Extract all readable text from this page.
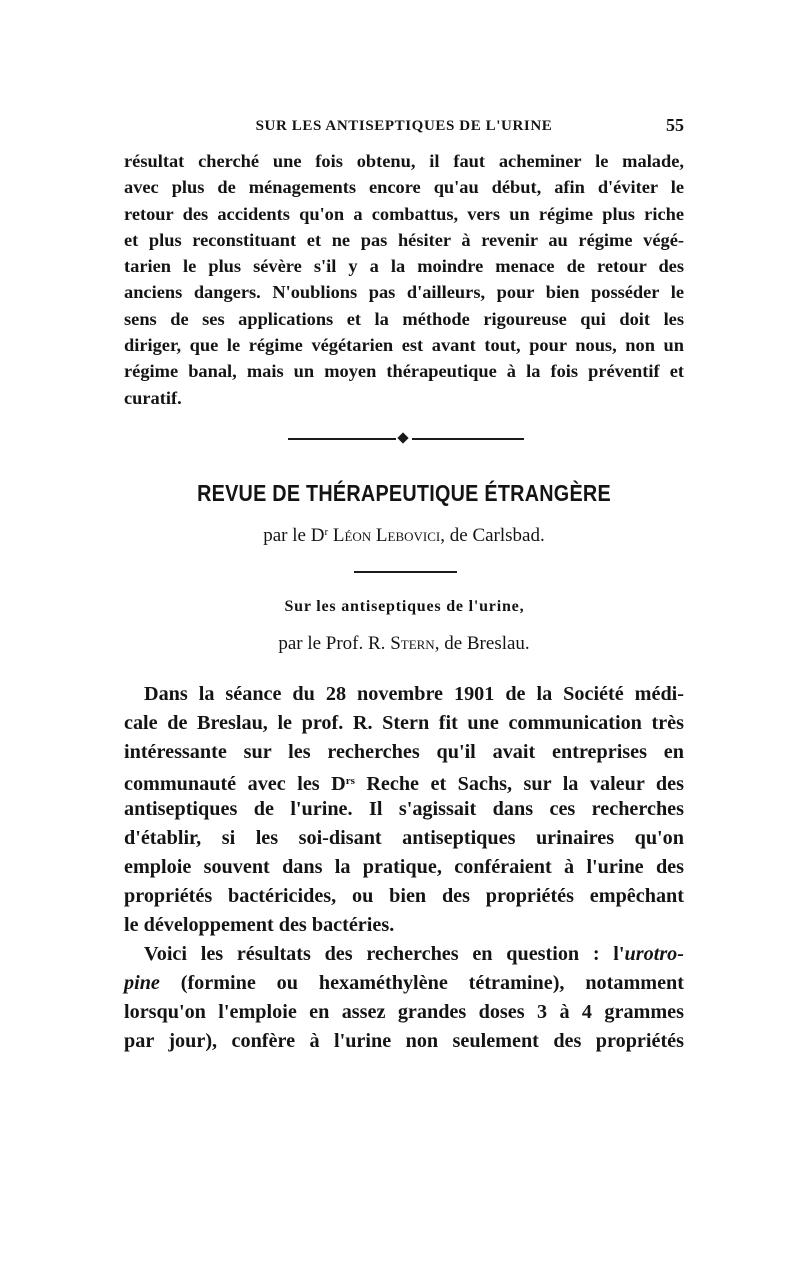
SUR LES ANTISEPTIQUES DE L'URINE	55
résultat cherché une fois obtenu, il faut acheminer le malade,
avec plus de ménagements encore qu'au début, afin d'éviter le
retour des accidents qu'on a combattus, vers un régime plus riche
et plus reconstituant et ne pas hésiter à revenir au régime végé-
tarien le plus sévère s'il y a la moindre menace de retour des
anciens dangers. N'oublions pas d'ailleurs, pour bien posséder le
sens de ses applications et la méthode rigoureuse qui doit les
diriger, que le régime végétarien est avant tout, pour nous, non un
régime banal, mais un moyen thérapeutique à la fois préventif et
curatif.
REVUE DE THÉRAPEUTIQUE ÉTRANGÈRE
par le $D^r$ Léon Lebovici, de Carlsbad.
Sur les antiseptiques de l'urine,
par le Prof. R. Stern, de Breslau.
Dans la séance du 28 novembre 1901 de la Société médi-
cale de Breslau, le prof. R. Stern fit une communication très
intéressante sur les recherches qu'il avait entreprises en
communauté avec les $D^{rs}$ Reche et Sachs, sur la valeur des
antiseptiques de l'urine. Il s'agissait dans ces recherches
d'établir, si les soi-disant antiseptiques urinaires qu'on
emploie souvent dans la pratique, conféraient à l'urine des
propriétés bactéricides, ou bien des propriétés empêchant
le développement des bactéries.
Voici les résultats des recherches en question : l'urotro-
pine (formine ou hexaméthylène tétramine), notamment
lorsqu'on l'emploie en assez grandes doses 3 à 4 grammes
par jour), confère à l'urine non seulement des propriétés
